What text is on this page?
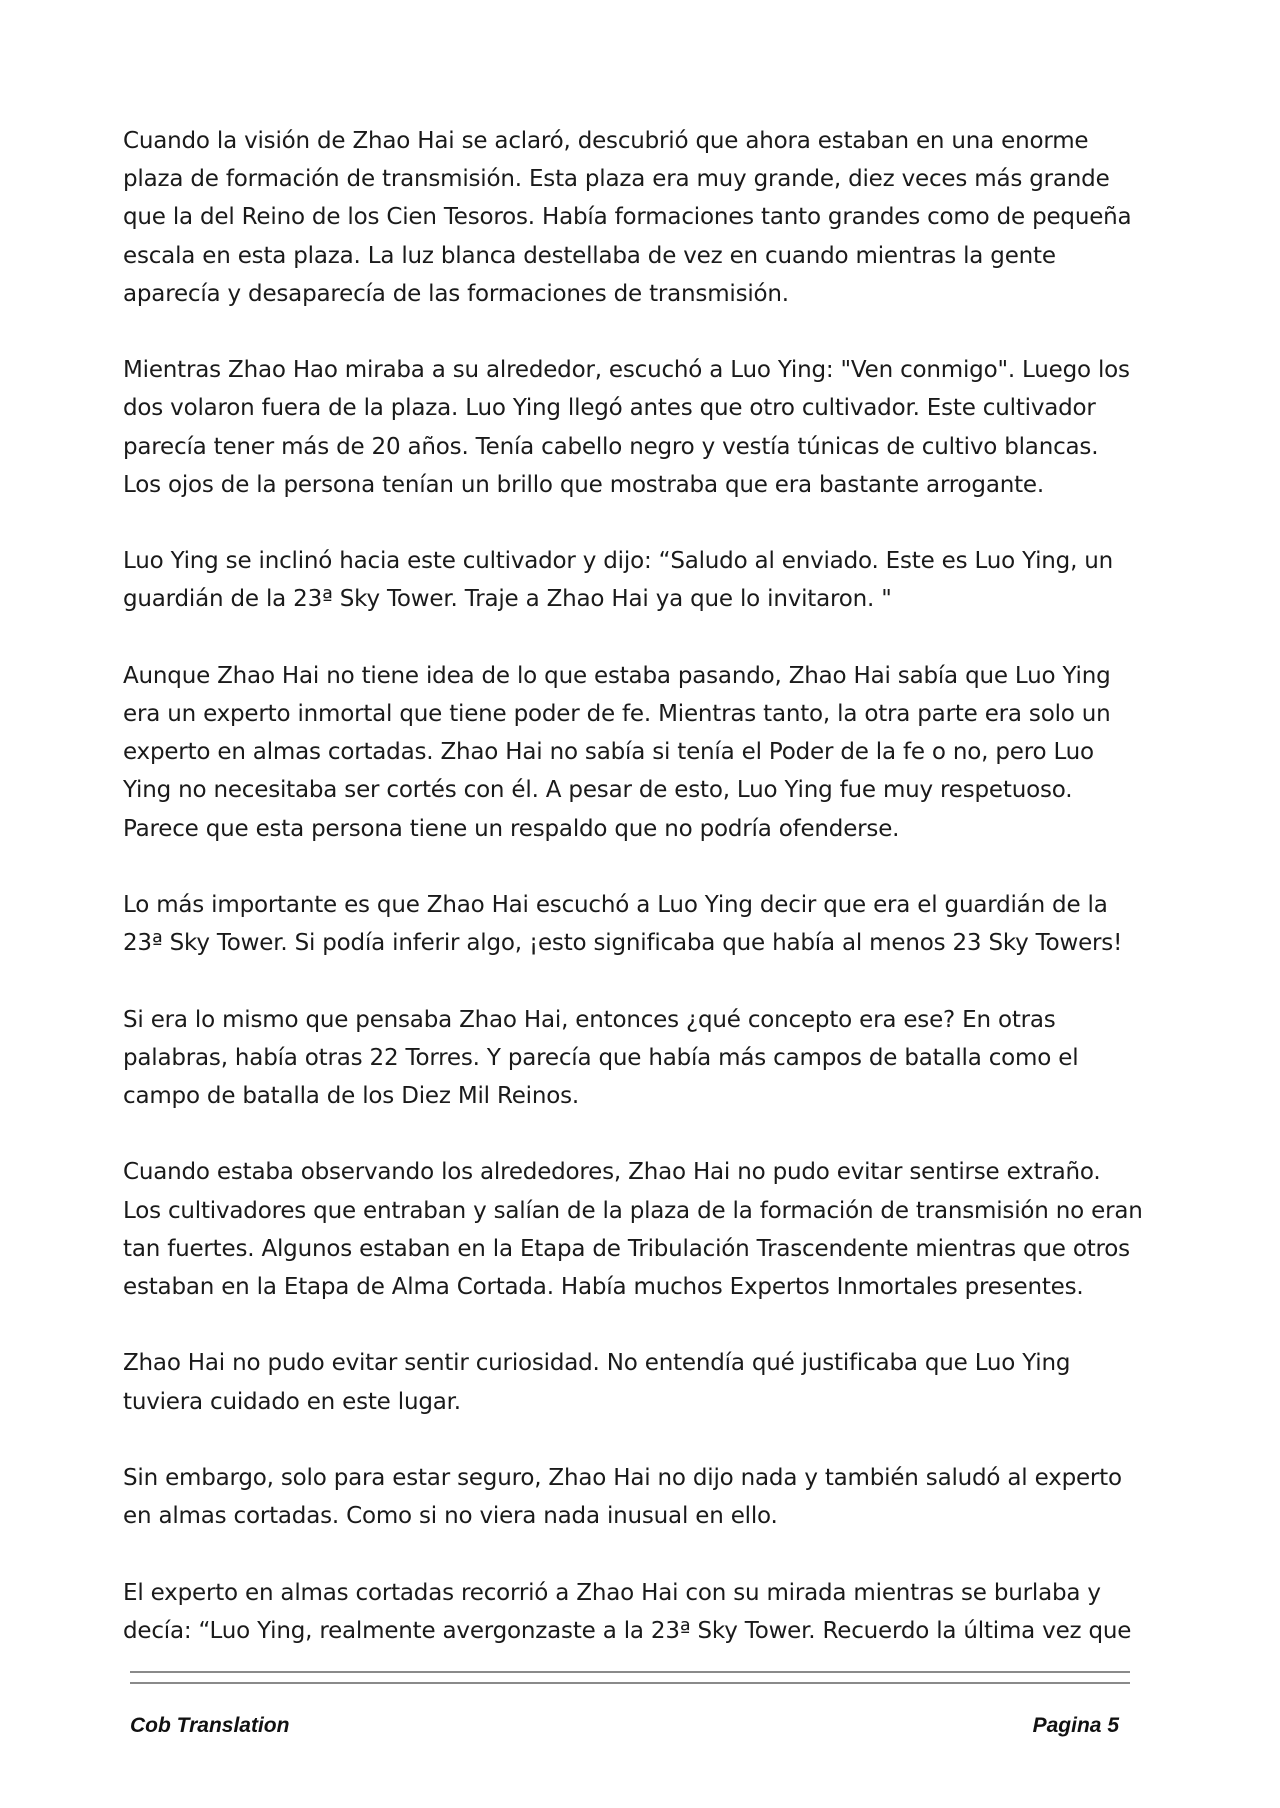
Cuando la visión de Zhao Hai se aclaró, descubrió que ahora estaban en una enorme plaza de formación de transmisión. Esta plaza era muy grande, diez veces más grande que la del Reino de los Cien Tesoros. Había formaciones tanto grandes como de pequeña escala en esta plaza. La luz blanca destellaba de vez en cuando mientras la gente aparecía y desaparecía de las formaciones de transmisión.

Mientras Zhao Hao miraba a su alrededor, escuchó a Luo Ying: "Ven conmigo". Luego los dos volaron fuera de la plaza. Luo Ying llegó antes que otro cultivador. Este cultivador parecía tener más de 20 años. Tenía cabello negro y vestía túnicas de cultivo blancas. Los ojos de la persona tenían un brillo que mostraba que era bastante arrogante.

Luo Ying se inclinó hacia este cultivador y dijo: “Saludo al enviado. Este es Luo Ying, un guardián de la 23ª Sky Tower. Traje a Zhao Hai ya que lo invitaron. "

Aunque Zhao Hai no tiene idea de lo que estaba pasando, Zhao Hai sabía que Luo Ying era un experto inmortal que tiene poder de fe. Mientras tanto, la otra parte era solo un experto en almas cortadas. Zhao Hai no sabía si tenía el Poder de la fe o no, pero Luo Ying no necesitaba ser cortés con él. A pesar de esto, Luo Ying fue muy respetuoso. Parece que esta persona tiene un respaldo que no podría ofenderse.

Lo más importante es que Zhao Hai escuchó a Luo Ying decir que era el guardián de la 23ª Sky Tower. Si podía inferir algo, ¡esto significaba que había al menos 23 Sky Towers!

Si era lo mismo que pensaba Zhao Hai, entonces ¿qué concepto era ese? En otras palabras, había otras 22 Torres. Y parecía que había más campos de batalla como el campo de batalla de los Diez Mil Reinos.

Cuando estaba observando los alrededores, Zhao Hai no pudo evitar sentirse extraño. Los cultivadores que entraban y salían de la plaza de la formación de transmisión no eran tan fuertes. Algunos estaban en la Etapa de Tribulación Trascendente mientras que otros estaban en la Etapa de Alma Cortada. Había muchos Expertos Inmortales presentes.

Zhao Hai no pudo evitar sentir curiosidad. No entendía qué justificaba que Luo Ying tuviera cuidado en este lugar.

Sin embargo, solo para estar seguro, Zhao Hai no dijo nada y también saludó al experto en almas cortadas. Como si no viera nada inusual en ello.

El experto en almas cortadas recorrió a Zhao Hai con su mirada mientras se burlaba y decía: “Luo Ying, realmente avergonzaste a la 23ª Sky Tower. Recuerdo la última vez que

Cob Translation	Pagina 5
